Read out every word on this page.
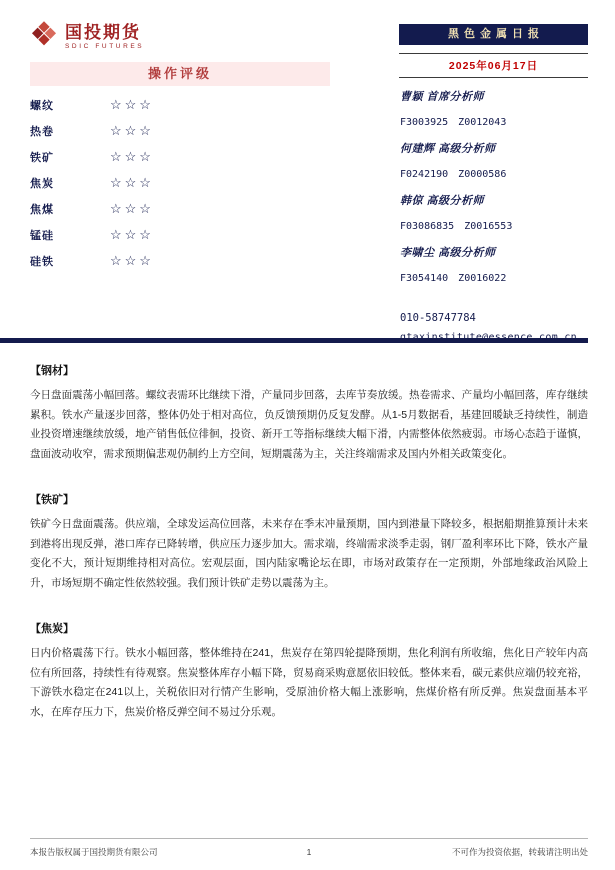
国投期货
SDIC FUTURES
黑色金属日报
2025年06月17日
操作评级
螺纹	☆☆☆
热卷	☆☆☆
铁矿	☆☆☆
焦炭	☆☆☆
焦煤	☆☆☆
锰硅	☆☆☆
硅铁	☆☆☆
曹颖 首席分析师
F3003925 Z0012043
何建辉 高级分析师
F0242190 Z0000586
韩倞 高级分析师
F03086835 Z0016553
李啸尘 高级分析师
F3054140 Z0016022
010-58747784
【钢材】

今日盘面震荡小幅回落。螺纹表需环比继续下滑，产量同步回落，去库节奏放缓。热卷需求、产量均小幅回落，库存继续累积。铁水产量逐步回落，整体仍处于相对高位，负反馈预期仍反复发酵。从1-5月数据看，基建回暖缺乏持续性，制造业投资增速继续放缓，地产销售低位徘徊，投资、新开工等指标继续大幅下滑，内需整体依然疲弱。市场心态趋于谨慎，盘面波动收窄，需求预期偏悲观仍制约上方空间，短期震荡为主，关注终端需求及国内外相关政策变化。

【铁矿】

铁矿今日盘面震荡。供应端，全球发运高位回落，未来存在季末冲量预期，国内到港量下降较多，根据船期推算预计未来到港将出现反弹，港口库存已降转增，供应压力逐步加大。需求端，终端需求淡季走弱，钢厂盈利率环比下降，铁水产量变化不大，预计短期维持相对高位。宏观层面，国内陆家嘴论坛在即，市场对政策存在一定预期，外部地缘政治风险上升，市场短期不确定性依然较强。我们预计铁矿走势以震荡为主。

【焦炭】

日内价格震荡下行。铁水小幅回落，整体维持在241，焦炭存在第四轮提降预期，焦化利润有所收缩，焦化日产较年内高位有所回落，持续性有待观察。焦炭整体库存小幅下降，贸易商采购意愿依旧较低。整体来看，碳元素供应端仍较充裕，下游铁水稳定在241以上，关税依旧对行情产生影响，受原油价格大幅上涨影响，焦煤价格有所反弹。焦炭盘面基本平水，在库存压力下，焦炭价格反弹空间不易过分乐观。

本报告版权属于国投期货有限公司	1	不可作为投资依据，转载请注明出处
